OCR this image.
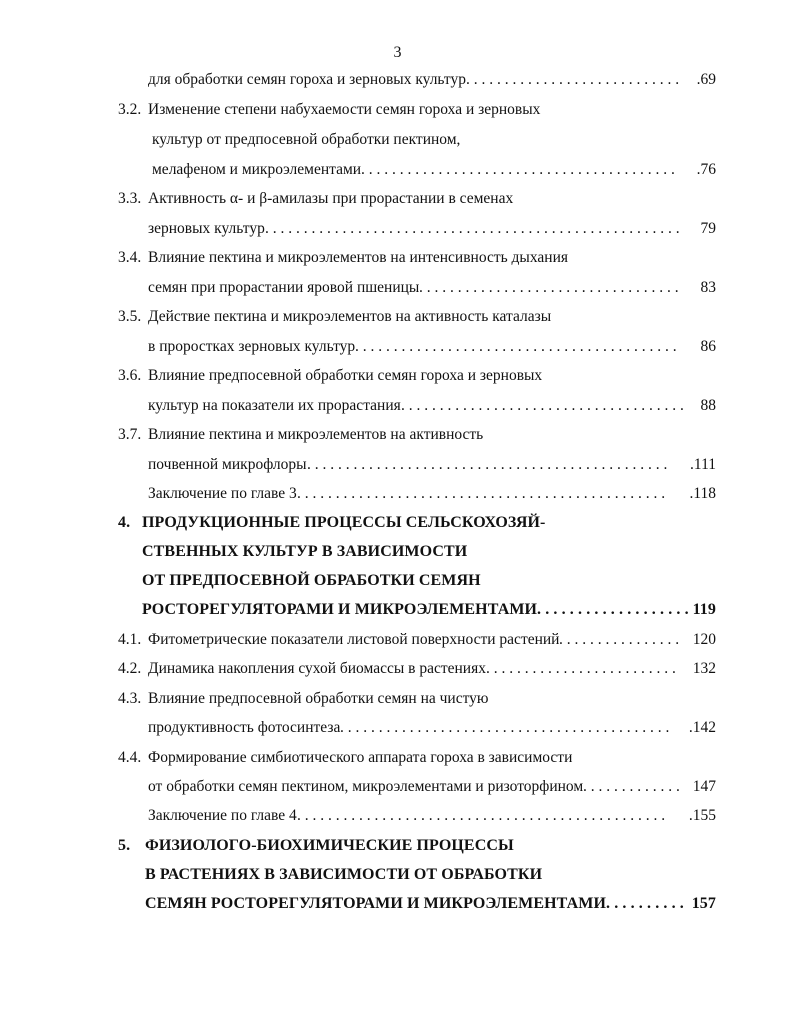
3
для обработки семян гороха и зерновых культур . . . . . . . . . . . . . . . . . . . . . . . . . . . . .69
3.2. Изменение степени набухаемости семян гороха и зерновых
культур от предпосевной обработки пектином,
мелафеном и микроэлементами . . . . . . . . . . . . . . . . . . . . . . . . . . . . . . . . . . . . . . . . . .76
3.3. Активность α- и β-амилазы при прорастании в семенах
зерновых культур . . . . . . . . . . . . . . . . . . . . . . . . . . . . . . . . . . . . . . . . . . . . . . . . . . . . . . 79
3.4. Влияние пектина и микроэлементов на интенсивность дыхания
семян при прорастании яровой пшеницы . . . . . . . . . . . . . . . . . . . . . . . . . . . . . . . . . . 83
3.5. Действие пектина и микроэлементов на активность каталазы
в проростках зерновых культур . . . . . . . . . . . . . . . . . . . . . . . . . . . . . . . . . . . . . . . . . . 86
3.6. Влияние предпосевной обработки семян гороха и зерновых
культур на показатели их прорастания . . . . . . . . . . . . . . . . . . . . . . . . . . . . . . . . . . . . . 88
3.7. Влияние пектина и микроэлементов на активность
почвенной микрофлоры . . . . . . . . . . . . . . . . . . . . . . . . . . . . . . . . . . . . . . . . . . . . . . . .111
Заключение по главе 3 . . . . . . . . . . . . . . . . . . . . . . . . . . . . . . . . . . . . . . . . . . . . . . . . .118
4. ПРОДУКЦИОННЫЕ ПРОЦЕССЫ СЕЛЬСКОХОЗЯЙ-
СТВЕННЫХ КУЛЬТУР В ЗАВИСИМОСТИ
ОТ ПРЕДПОСЕВНОЙ ОБРАБОТКИ СЕМЯН
РОСТОРЕГУЛЯТОРАМИ И МИКРОЭЛЕМЕНТАМИ . . . . . . . . . . . . . . . . . . . 119
4.1. Фитометрические показатели листовой поверхности растений . . . . . . . . . . . . . . . . 120
4.2. Динамика накопления сухой биомассы в растениях . . . . . . . . . . . . . . . . . . . . . . . . . 132
4.3. Влияние предпосевной обработки семян на чистую
продуктивность фотосинтеза . . . . . . . . . . . . . . . . . . . . . . . . . . . . . . . . . . . . . . . . . . . .142
4.4. Формирование симбиотического аппарата гороха в зависимости
от обработки семян пектином, микроэлементами и ризоторфином . . . . . . . . . . . . . 147
Заключение по главе 4 . . . . . . . . . . . . . . . . . . . . . . . . . . . . . . . . . . . . . . . . . . . . . . . . .155
5. ФИЗИОЛОГО-БИОХИМИЧЕСКИЕ ПРОЦЕССЫ
В РАСТЕНИЯХ В ЗАВИСИМОСТИ ОТ ОБРАБОТКИ
СЕМЯН РОСТОРЕГУЛЯТОРАМИ И МИКРОЭЛЕМЕНТАМИ . . . . . . . . . . 157
